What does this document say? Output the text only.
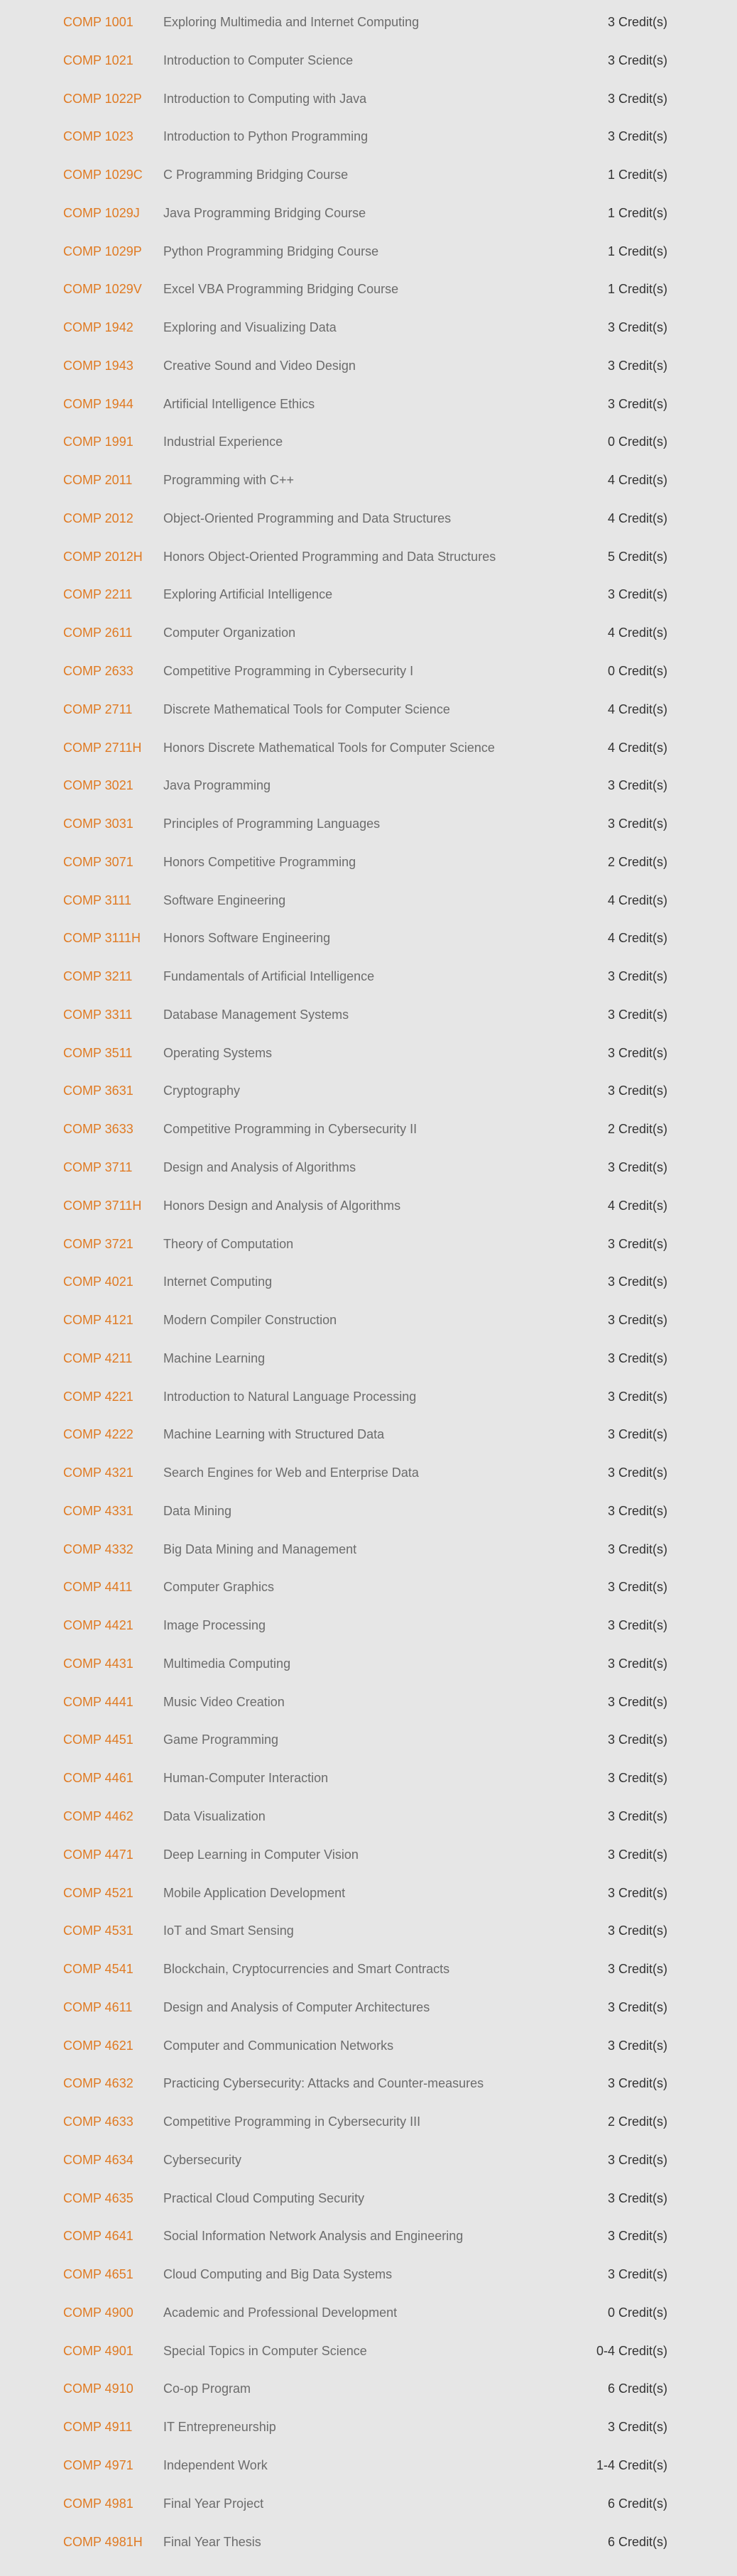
COMP 1001 Exploring Multimedia and Internet Computing	3 Credit(s)
COMP 1021 Introduction to Computer Science	3 Credit(s)
COMP 1022P Introduction to Computing with Java	3 Credit(s)
COMP 1023 Introduction to Python Programming	3 Credit(s)
COMP 1029C C Programming Bridging Course	1 Credit(s)
COMP 1029J Java Programming Bridging Course	1 Credit(s)
COMP 1029P Python Programming Bridging Course	1 Credit(s)
COMP 1029V Excel VBA Programming Bridging Course	1 Credit(s)
COMP 1942 Exploring and Visualizing Data	3 Credit(s)
COMP 1943 Creative Sound and Video Design	3 Credit(s)
COMP 1944 Artificial Intelligence Ethics	3 Credit(s)
COMP 1991 Industrial Experience	0 Credit(s)
COMP 2011 Programming with C++	4 Credit(s)
COMP 2012 Object-Oriented Programming and Data Structures	4 Credit(s)
COMP 2012H Honors Object-Oriented Programming and Data Structures	5 Credit(s)
COMP 2211 Exploring Artificial Intelligence	3 Credit(s)
COMP 2611 Computer Organization	4 Credit(s)
COMP 2633 Competitive Programming in Cybersecurity I	0 Credit(s)
COMP 2711 Discrete Mathematical Tools for Computer Science	4 Credit(s)
COMP 2711H Honors Discrete Mathematical Tools for Computer Science	4 Credit(s)
COMP 3021 Java Programming	3 Credit(s)
COMP 3031 Principles of Programming Languages	3 Credit(s)
COMP 3071 Honors Competitive Programming	2 Credit(s)
COMP 3111 Software Engineering	4 Credit(s)
COMP 3111H Honors Software Engineering	4 Credit(s)
COMP 3211 Fundamentals of Artificial Intelligence	3 Credit(s)
COMP 3311 Database Management Systems	3 Credit(s)
COMP 3511 Operating Systems	3 Credit(s)
COMP 3631 Cryptography	3 Credit(s)
COMP 3633 Competitive Programming in Cybersecurity II	2 Credit(s)
COMP 3711 Design and Analysis of Algorithms	3 Credit(s)
COMP 3711H Honors Design and Analysis of Algorithms	4 Credit(s)
COMP 3721 Theory of Computation	3 Credit(s)
COMP 4021 Internet Computing	3 Credit(s)
COMP 4121 Modern Compiler Construction	3 Credit(s)
COMP 4211 Machine Learning	3 Credit(s)
COMP 4221 Introduction to Natural Language Processing	3 Credit(s)
COMP 4222 Machine Learning with Structured Data	3 Credit(s)
COMP 4321 Search Engines for Web and Enterprise Data	3 Credit(s)
COMP 4331 Data Mining	3 Credit(s)
COMP 4332 Big Data Mining and Management	3 Credit(s)
COMP 4411 Computer Graphics	3 Credit(s)
COMP 4421 Image Processing	3 Credit(s)
COMP 4431 Multimedia Computing	3 Credit(s)
COMP 4441 Music Video Creation	3 Credit(s)
COMP 4451 Game Programming	3 Credit(s)
COMP 4461 Human-Computer Interaction	3 Credit(s)
COMP 4462 Data Visualization	3 Credit(s)
COMP 4471 Deep Learning in Computer Vision	3 Credit(s)
COMP 4521 Mobile Application Development	3 Credit(s)
COMP 4531 IoT and Smart Sensing	3 Credit(s)
COMP 4541 Blockchain, Cryptocurrencies and Smart Contracts	3 Credit(s)
COMP 4611 Design and Analysis of Computer Architectures	3 Credit(s)
COMP 4621 Computer and Communication Networks	3 Credit(s)
COMP 4632 Practicing Cybersecurity: Attacks and Counter-measures	3 Credit(s)
COMP 4633 Competitive Programming in Cybersecurity III	2 Credit(s)
COMP 4634 Cybersecurity	3 Credit(s)
COMP 4635 Practical Cloud Computing Security	3 Credit(s)
COMP 4641 Social Information Network Analysis and Engineering	3 Credit(s)
COMP 4651 Cloud Computing and Big Data Systems	3 Credit(s)
COMP 4900 Academic and Professional Development	0 Credit(s)
COMP 4901 Special Topics in Computer Science	0-4 Credit(s)
COMP 4910 Co-op Program	6 Credit(s)
COMP 4911 IT Entrepreneurship	3 Credit(s)
COMP 4971 Independent Work	1-4 Credit(s)
COMP 4981 Final Year Project	6 Credit(s)
COMP 4981H Final Year Thesis	6 Credit(s)
